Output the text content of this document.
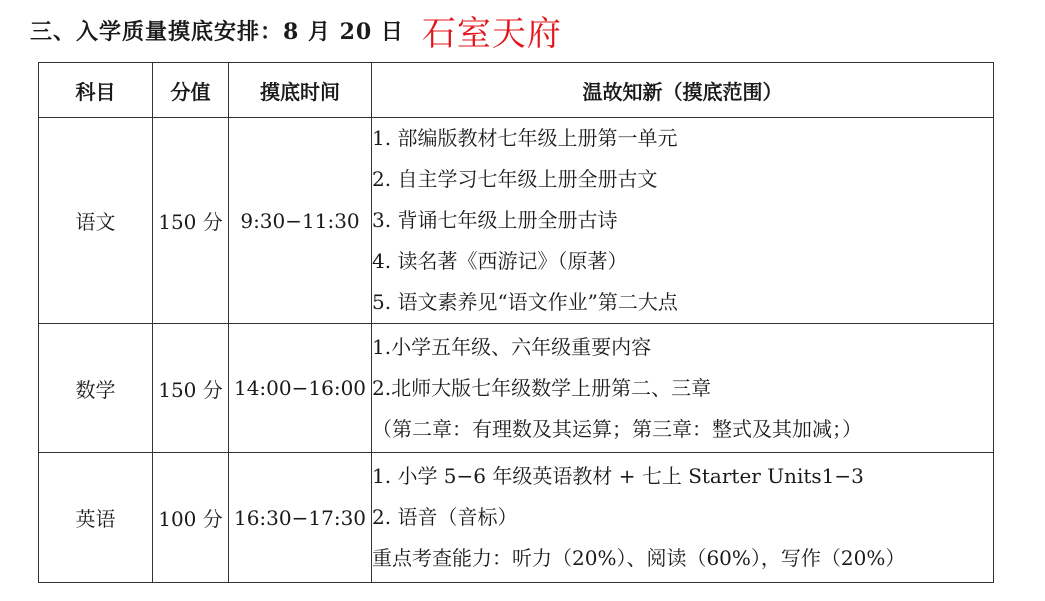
三、入学质量摸底安排：8 月 20 日 石室天府
科目	分值	摸底时间	温故知新（摸底范围）
语文	150 分	9:30−11:30	1. 部编版教材七年级上册第一单元
2. 自主学习七年级上册全册古文
3. 背诵七年级上册全册古诗
4. 读名著《西游记》（原著）
5. 语文素养见“语文作业”第二大点

数学	150 分	14:00−16:00	1.小学五年级、六年级重要内容
2.北师大版七年级数学上册第二、三章
（第二章：有理数及其运算；第三章：整式及其加减；）

英语	100 分	16:30−17:30	1. 小学 5−6 年级英语教材 + 七上 Starter Units1−3
2. 语音（音标）
重点考查能力：听力（20%）、阅读（60%），写作（20%）
